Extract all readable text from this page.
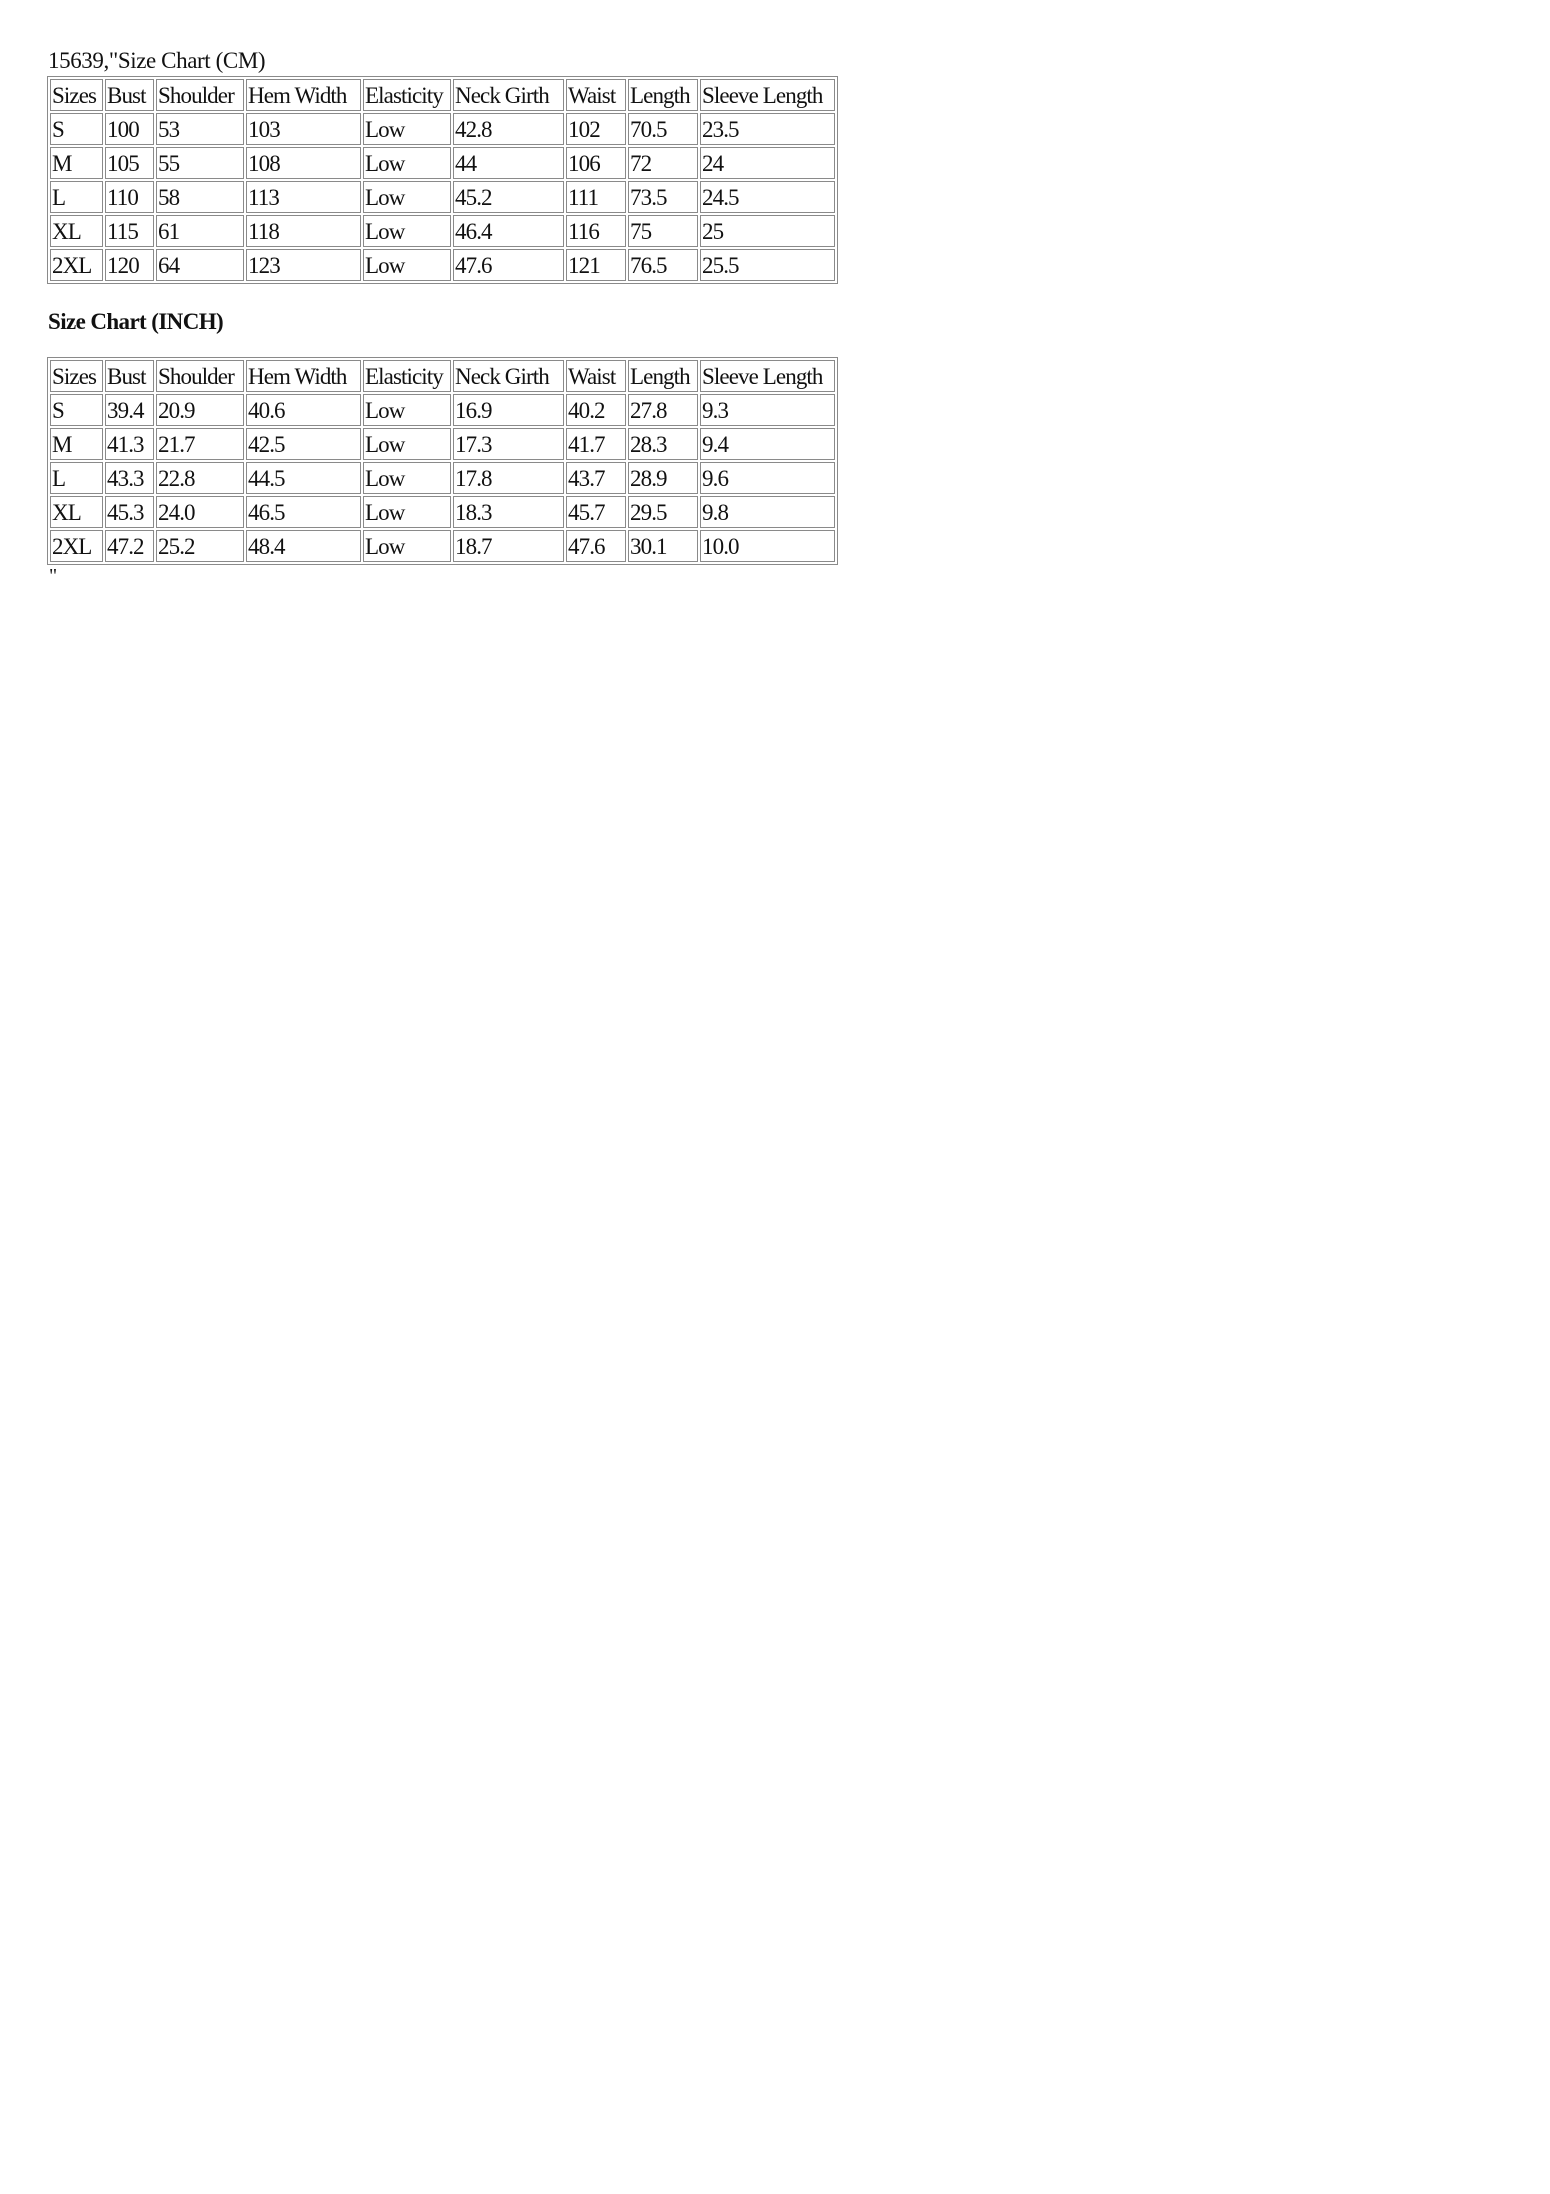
15639,"Size Chart (CM)
Sizes	Bust	Shoulder	Hem Width	Elasticity	Neck Girth	Waist	Length	Sleeve Length
S	100	53	103	Low	42.8	102	70.5	23.5
M	105	55	108	Low	44	106	72	24
L	110	58	113	Low	45.2	111	73.5	24.5
XL	115	61	118	Low	46.4	116	75	25
2XL	120	64	123	Low	47.6	121	76.5	25.5
Size Chart (INCH)
Sizes	Bust	Shoulder	Hem Width	Elasticity	Neck Girth	Waist	Length	Sleeve Length
S	39.4	20.9	40.6	Low	16.9	40.2	27.8	9.3
M	41.3	21.7	42.5	Low	17.3	41.7	28.3	9.4
L	43.3	22.8	44.5	Low	17.8	43.7	28.9	9.6
XL	45.3	24.0	46.5	Low	18.3	45.7	29.5	9.8
2XL	47.2	25.2	48.4	Low	18.7	47.6	30.1	10.0
"
